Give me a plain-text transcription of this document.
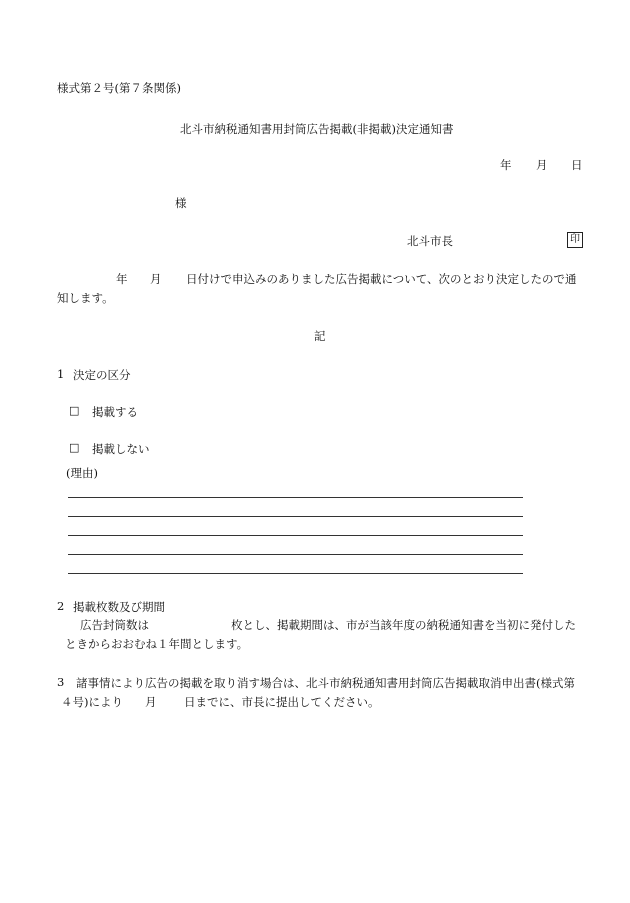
様式第２号(第７条関係)
北斗市納税通知書用封筒広告掲載(非掲載)決定通知書
年 月 日
様
北斗市長	印
年 月 日付けで申込みのありました広告掲載について、次のとおり決定したので通
知します。
記
1 決定の区分
□ 掲載する
□ 掲載しない
(理由)
2 掲載枚数及び期間
広告封筒数は	枚とし、掲載期間は、市が当該年度の納税通知書を当初に発付した
ときからおおむね１年間とします。
3 諸事情により広告の掲載を取り消す場合は、北斗市納税通知書用封筒広告掲載取消申出書(様式第
４号)により 月 日までに、市長に提出してください。
